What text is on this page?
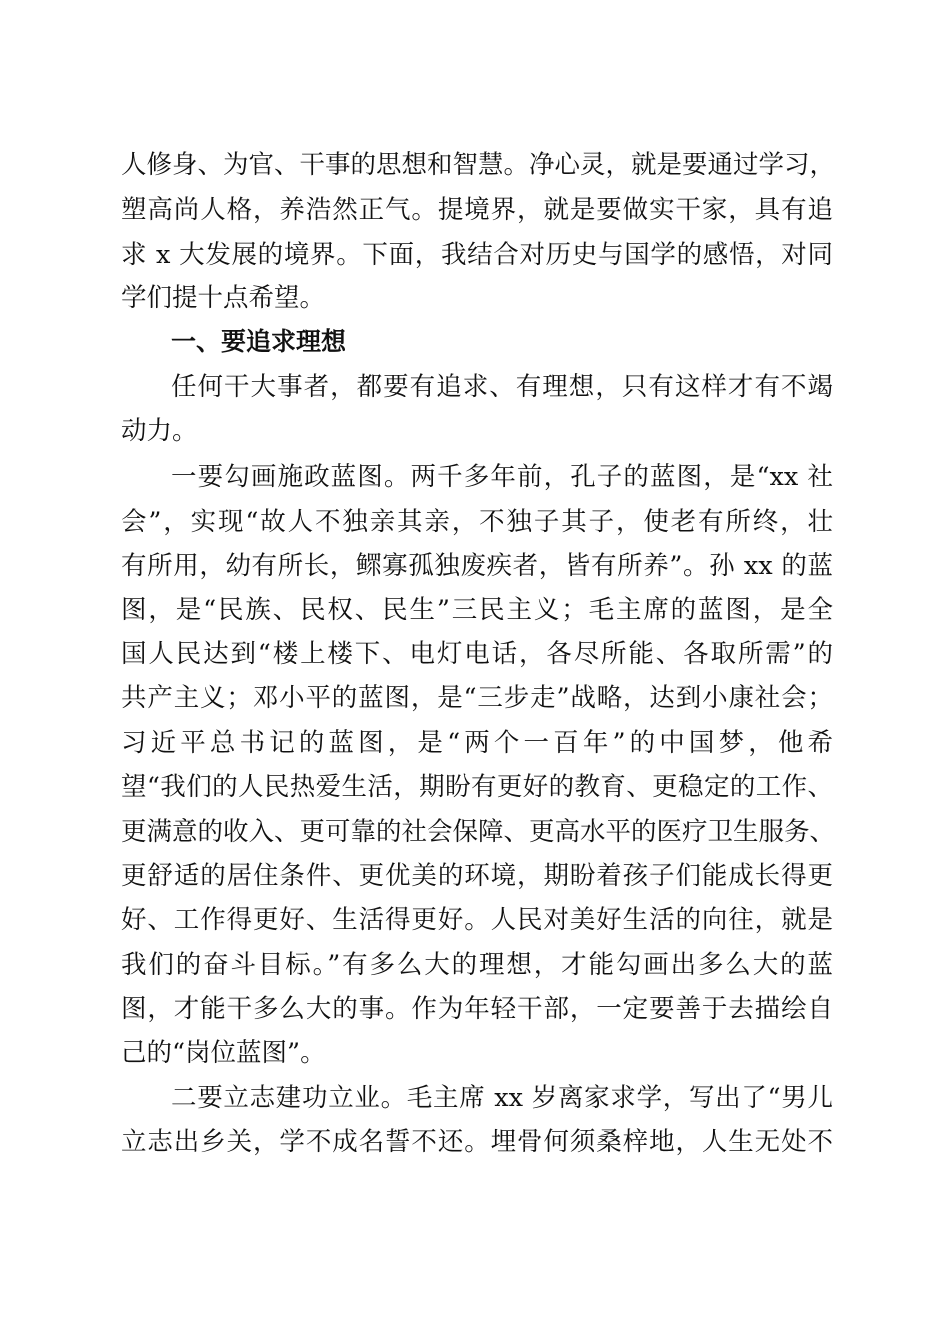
人修身、为官、干事的思想和智慧。净心灵，就是要通过学习，
塑高尚人格，养浩然正气。提境界，就是要做实干家，具有追
求 x 大发展的境界。下面，我结合对历史与国学的感悟，对同
学们提十点希望。
一、要追求理想
任何干大事者，都要有追求、有理想，只有这样才有不竭
动力。
一要勾画施政蓝图。两千多年前，孔子的蓝图，是“xx 社
会”，实现“故人不独亲其亲，不独子其子，使老有所终，壮
有所用，幼有所长，鳏寡孤独废疾者，皆有所养”。孙 xx 的蓝
图，是“民族、民权、民生”三民主义；毛主席的蓝图，是全
国人民达到“楼上楼下、电灯电话，各尽所能、各取所需”的
共产主义；邓小平的蓝图，是“三步走”战略，达到小康社会；
习近平总书记的蓝图，是“两个一百年”的中国梦，他希
望“我们的人民热爱生活，期盼有更好的教育、更稳定的工作、
更满意的收入、更可靠的社会保障、更高水平的医疗卫生服务、
更舒适的居住条件、更优美的环境，期盼着孩子们能成长得更
好、工作得更好、生活得更好。人民对美好生活的向往，就是
我们的奋斗目标。”有多么大的理想，才能勾画出多么大的蓝
图，才能干多么大的事。作为年轻干部，一定要善于去描绘自
己的“岗位蓝图”。
二要立志建功立业。毛主席 xx 岁离家求学，写出了“男儿
立志出乡关，学不成名誓不还。埋骨何须桑梓地，人生无处不
